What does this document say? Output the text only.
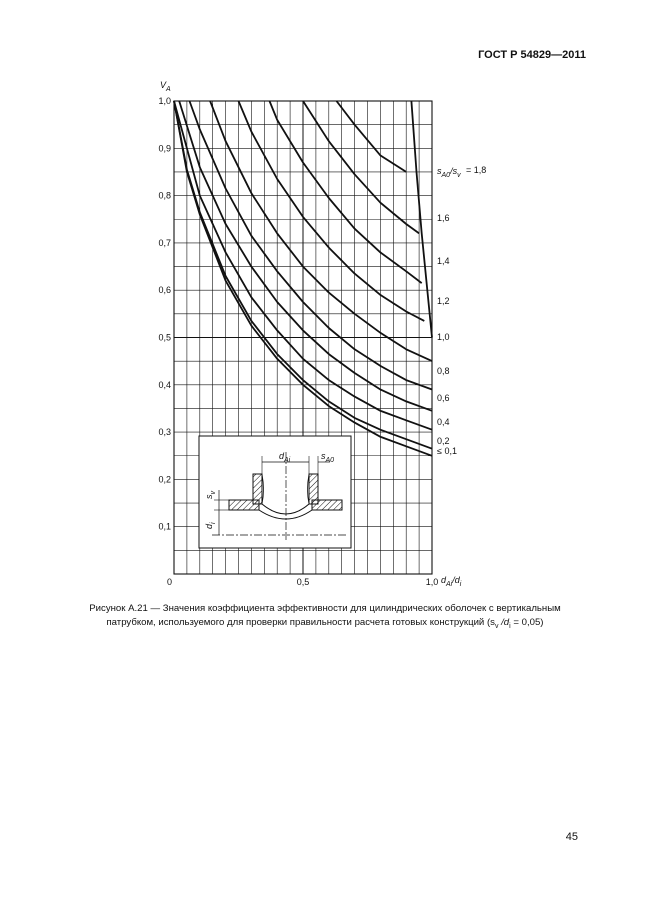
ГОСТ Р 54829—2011
0,1
0,2
0,3
0,4
0,5
0,6
0,7
0,8
0,9
1,0
0	0,5	1,0
≤ 0,1
0,2
0,4
0,6
0,8
1,0
1,2
1,4
1,6
= 1,8
$V_A$
$d_{Ai}/d_i$
$s_{A0}/s_v$
$d_{Ai}$	$s_{A0}$
$s_v$
$d_i$
Рисунок А.21 — Значения коэффициента эффективности для цилиндрических оболочек с вертикальным
патрубком, используемого для проверки правильности расчета готовых конструкций ($s_v$ $/d_i = 0,05$)
45
